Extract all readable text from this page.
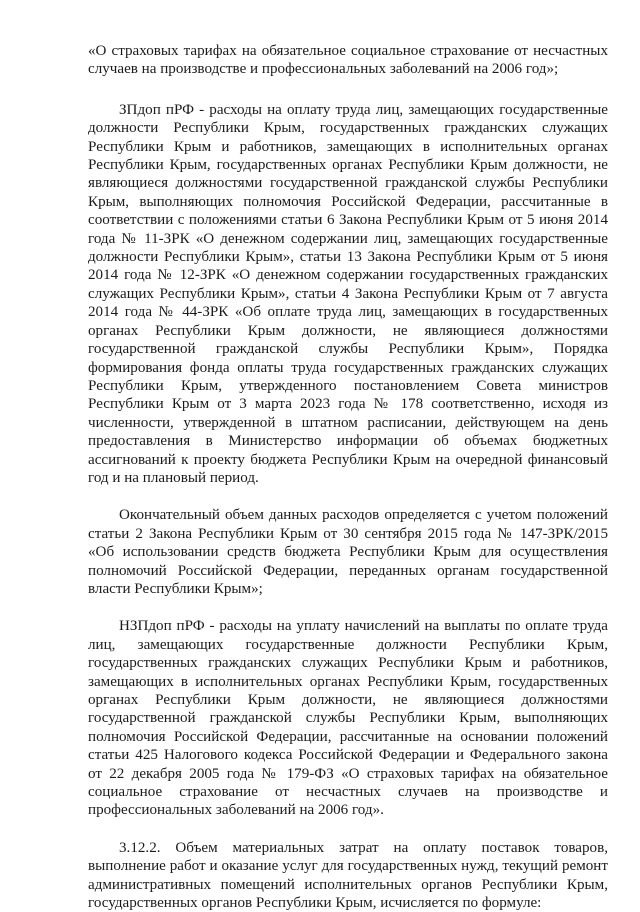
«О страховых тарифах на обязательное социальное страхование от несчастных случаев на производстве и профессиональных заболеваний на 2006 год»;

ЗПдоп пРФ - расходы на оплату труда лиц, замещающих государственные должности Республики Крым, государственных гражданских служащих Республики Крым и работников, замещающих в исполнительных органах Республики Крым, государственных органах Республики Крым должности, не являющиеся должностями государственной гражданской службы Республики Крым, выполняющих полномочия Российской Федерации, рассчитанные в соответствии с положениями статьи 6 Закона Республики Крым от 5 июня 2014 года № 11-ЗРК «О денежном содержании лиц, замещающих государственные должности Республики Крым», статьи 13 Закона Республики Крым от 5 июня 2014 года № 12-ЗРК «О денежном содержании государственных гражданских служащих Республики Крым», статьи 4 Закона Республики Крым от 7 августа 2014 года № 44-ЗРК «Об оплате труда лиц, замещающих в государственных органах Республики Крым должности, не являющиеся должностями государственной гражданской службы Республики Крым», Порядка формирования фонда оплаты труда государственных гражданских служащих Республики Крым, утвержденного постановлением Совета министров Республики Крым от 3 марта 2023 года № 178 соответственно, исходя из численности, утвержденной в штатном расписании, действующем на день предоставления в Министерство информации об объемах бюджетных ассигнований к проекту бюджета Республики Крым на очередной финансовый год и на плановый период.

Окончательный объем данных расходов определяется с учетом положений статьи 2 Закона Республики Крым от 30 сентября 2015 года № 147-ЗРК/2015 «Об использовании средств бюджета Республики Крым для осуществления полномочий Российской Федерации, переданных органам государственной власти Республики Крым»;

НЗПдоп пРФ - расходы на уплату начислений на выплаты по оплате труда лиц, замещающих государственные должности Республики Крым, государственных гражданских служащих Республики Крым и работников, замещающих в исполнительных органах Республики Крым, государственных органах Республики Крым должности, не являющиеся должностями государственной гражданской службы Республики Крым, выполняющих полномочия Российской Федерации, рассчитанные на основании положений статьи 425 Налогового кодекса Российской Федерации и Федерального закона от 22 декабря 2005 года № 179-ФЗ «О страховых тарифах на обязательное социальное страхование от несчастных случаев на производстве и профессиональных заболеваний на 2006 год».

3.12.2. Объем материальных затрат на оплату поставок товаров, выполнение работ и оказание услуг для государственных нужд, текущий ремонт административных помещений исполнительных органов Республики Крым, государственных органов Республики Крым, исчисляется по формуле:
